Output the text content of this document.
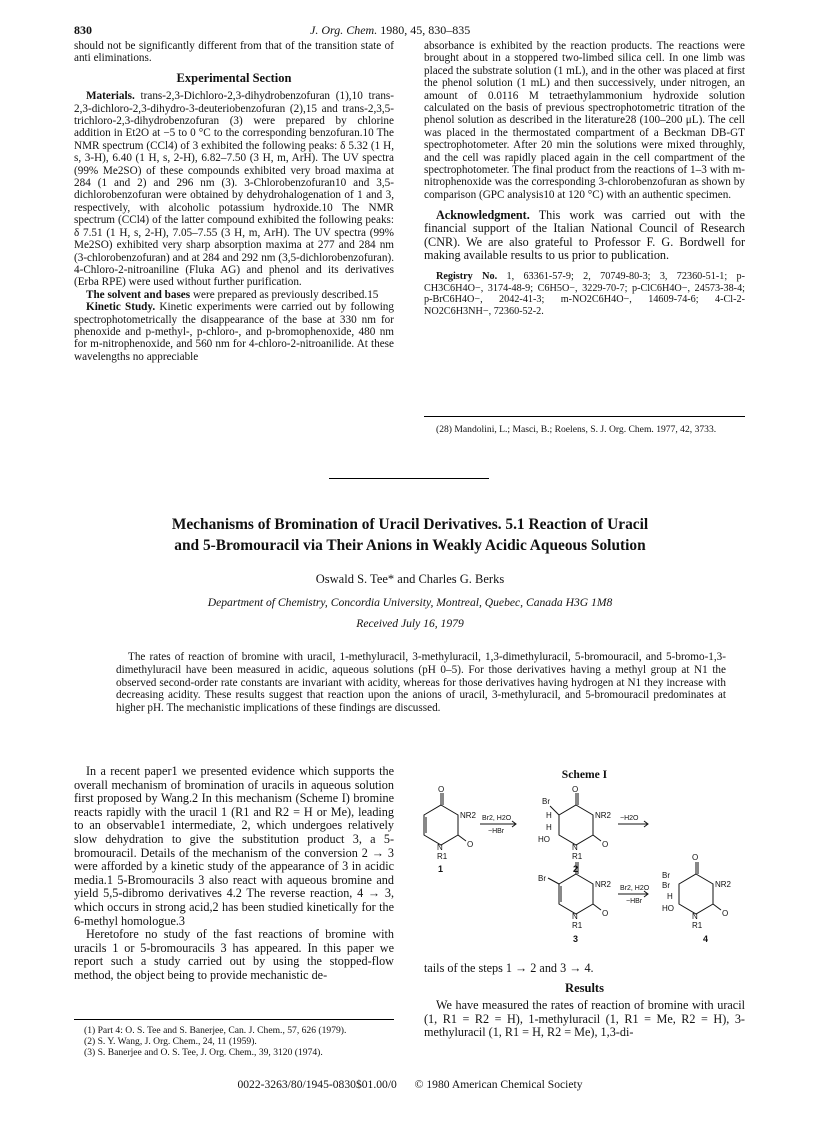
830	J. Org. Chem. 1980, 45, 830–835

should not be significantly different from that of the transition state of anti eliminations.

Experimental Section

Materials. trans-2,3-Dichloro-2,3-dihydrobenzofuran (1),10 trans-2,3-dichloro-2,3-dihydro-3-deuteriobenzofuran (2),15 and trans-2,3,5-trichloro-2,3-dihydrobenzofuran (3) were prepared by chlorine addition in Et2O at −5 to 0 °C to the corresponding benzofuran.10 The NMR spectrum (CCl4) of 3 exhibited the following peaks: δ 5.32 (1 H, s, 3-H), 6.40 (1 H, s, 2-H), 6.82–7.50 (3 H, m, ArH). The UV spectra (99% Me2SO) of these compounds exhibited very broad maxima at 284 (1 and 2) and 296 nm (3). 3-Chlorobenzofuran10 and 3,5-dichlorobenzofuran were obtained by dehydrohalogenation of 1 and 3, respectively, with alcoholic potassium hydroxide.10 The NMR spectrum (CCl4) of the latter compound exhibited the following peaks: δ 7.51 (1 H, s, 2-H), 7.05–7.55 (3 H, m, ArH). The UV spectra (99% Me2SO) exhibited very sharp absorption maxima at 277 and 284 nm (3-chlorobenzofuran) and at 284 and 292 nm (3,5-dichlorobenzofuran). 4-Chloro-2-nitroaniline (Fluka AG) and phenol and its derivatives (Erba RPE) were used without further purification.

The solvent and bases were prepared as previously described.15

Kinetic Study. Kinetic experiments were carried out by following spectrophotometrically the disappearance of the base at 330 nm for phenoxide and p-methyl-, p-chloro-, and p-bromophenoxide, 480 nm for m-nitrophenoxide, and 560 nm for 4-chloro-2-nitroanilide. At these wavelengths no appreciable

absorbance is exhibited by the reaction products. The reactions were brought about in a stoppered two-limbed silica cell. In one limb was placed the substrate solution (1 mL), and in the other was placed at first the phenol solution (1 mL) and then successively, under nitrogen, an amount of 0.0116 M tetraethylammonium hydroxide solution calculated on the basis of previous spectrophotometric titration of the phenol solution as described in the literature28 (100–200 μL). The cell was placed in the thermostated compartment of a Beckman DB-GT spectrophotometer. After 20 min the solutions were mixed throughly, and the cell was rapidly placed again in the cell compartment of the spectrophotometer. The final product from the reactions of 1–3 with m-nitrophenoxide was the corresponding 3-chlorobenzofuran as shown by comparison (GPC analysis10 at 120 °C) with an authentic specimen.

Acknowledgment. This work was carried out with the financial support of the Italian National Council of Research (CNR). We are also grateful to Professor F. G. Bordwell for making available results to us prior to publication.

Registry No. 1, 63361-57-9; 2, 70749-80-3; 3, 72360-51-1; p-CH3C6H4O−, 3174-48-9; C6H5O−, 3229-70-7; p-ClC6H4O−, 24573-38-4; p-BrC6H4O−, 2042-41-3; m-NO2C6H4O−, 14609-74-6; 4-Cl-2-NO2C6H3NH−, 72360-52-2.

(28) Mandolini, L.; Masci, B.; Roelens, S. J. Org. Chem. 1977, 42, 3733.
Mechanisms of Bromination of Uracil Derivatives. 5.1 Reaction of Uracil
and 5-Bromouracil via Their Anions in Weakly Acidic Aqueous Solution
Oswald S. Tee* and Charles G. Berks
Department of Chemistry, Concordia University, Montreal, Quebec, Canada H3G 1M8
Received July 16, 1979
The rates of reaction of bromine with uracil, 1-methyluracil, 3-methyluracil, 1,3-dimethyluracil, 5-bromouracil, and 5-bromo-1,3-dimethyluracil have been measured in acidic, aqueous solutions (pH 0–5). For those derivatives having a methyl group at N1 the observed second-order rate constants are invariant with acidity, whereas for those derivatives having hydrogen at N1 they increase with decreasing acidity. These results suggest that reaction upon the anions of uracil, 3-methyluracil, and 5-bromouracil predominates at higher pH. The mechanistic implications of these findings are discussed.

In a recent paper1 we presented evidence which supports the overall mechanism of bromination of uracils in aqueous solution first proposed by Wang.2 In this mechanism (Scheme I) bromine reacts rapidly with the uracil 1 (R1 and R2 = H or Me), leading to an observable1 intermediate, 2, which undergoes relatively slow dehydration to give the substitution product 3, a 5-bromouracil. Details of the mechanism of the conversion 2 → 3 were afforded by a kinetic study of the appearance of 3 in acidic media.1 5-Bromouracils 3 also react with aqueous bromine and yield 5,5-dibromo derivatives 4.2 The reverse reaction, 4 → 3, which occurs in strong acid,2 has been studied kinetically for the 6-methyl homologue.3

Heretofore no study of the fast reactions of bromine with uracils 1 or 5-bromouracils 3 has appeared. In this paper we report such a study carried out by using the stopped-flow method, the object being to provide mechanistic de-

(1) Part 4: O. S. Tee and S. Banerjee, Can. J. Chem., 57, 626 (1979).
(2) S. Y. Wang, J. Org. Chem., 24, 11 (1959).
(3) S. Banerjee and O. S. Tee, J. Org. Chem., 39, 3120 (1974).
Scheme I
O
NR2
N	O
R1
O
Br
H
H
NR2
N
HO
O
R1
Br
NR2
N	O
R1
O
Br
Br
H
NR2
N
HO
O
R1
Br2, H2O
−HBr
−H2O
Br2, H2O
−HBr
1	2
3	4

tails of the steps 1 → 2 and 3 → 4.

Results

We have measured the rates of reaction of bromine with uracil (1, R1 = R2 = H), 1-methyluracil (1, R1 = Me, R2 = H), 3-methyluracil (1, R1 = H, R2 = Me), 1,3-di-

0022-3263/80/1945-0830$01.00/0 © 1980 American Chemical Society
